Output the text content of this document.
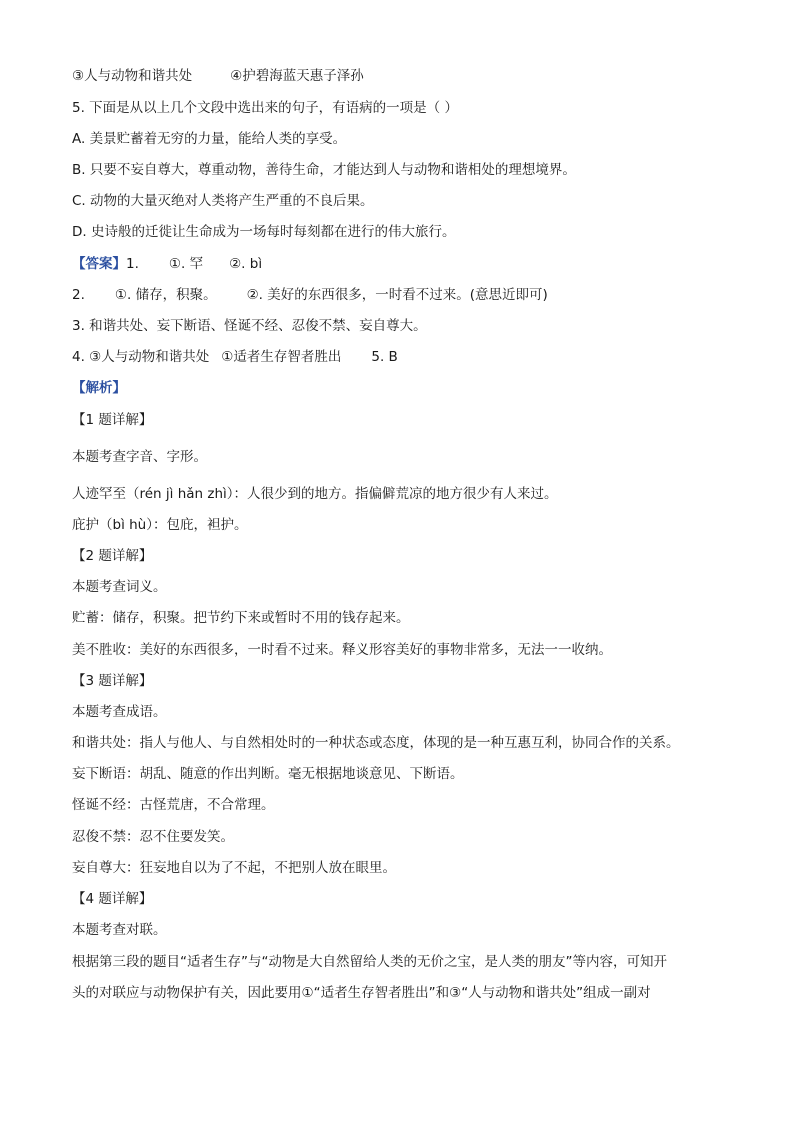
③人与动物和谐共处	④护碧海蓝天惠子泽孙
5. 下面是从以上几个文段中选出来的句子，有语病的一项是（ ）
A. 美景贮蓄着无穷的力量，能给人类的享受。
B. 只要不妄自尊大，尊重动物，善待生命，才能达到人与动物和谐相处的理想境界。
C. 动物的大量灭绝对人类将产生严重的不良后果。
D. 史诗般的迁徙让生命成为一场每时每刻都在进行的伟大旅行。
【答案】1. ①. 罕 ②. bì
2. ①. 储存，积聚。 ②. 美好的东西很多，一时看不过来。(意思近即可)
3. 和谐共处、妄下断语、怪诞不经、忍俊不禁、妄自尊大。
4. ③人与动物和谐共处 ①适者生存智者胜出 5. B
【解析】
【1 题详解】
本题考查字音、字形。
人迹罕至（rén jì hǎn zhì）：人很少到的地方。指偏僻荒凉的地方很少有人来过。
庇护（bì hù）：包庇，袒护。
【2 题详解】
本题考查词义。
贮蓄：储存，积聚。把节约下来或暂时不用的钱存起来。
美不胜收：美好的东西很多，一时看不过来。释义形容美好的事物非常多，无法一一收纳。
【3 题详解】
本题考查成语。
和谐共处：指人与他人、与自然相处时的一种状态或态度，体现的是一种互惠互利，协同合作的关系。
妄下断语：胡乱、随意的作出判断。毫无根据地谈意见、下断语。
怪诞不经：古怪荒唐，不合常理。
忍俊不禁：忍不住要发笑。
妄自尊大：狂妄地自以为了不起，不把别人放在眼里。
【4 题详解】
本题考查对联。
根据第三段的题目“适者生存”与“动物是大自然留给人类的无价之宝，是人类的朋友”等内容，可知开
头的对联应与动物保护有关，因此要用①“适者生存智者胜出”和③“人与动物和谐共处”组成一副对
